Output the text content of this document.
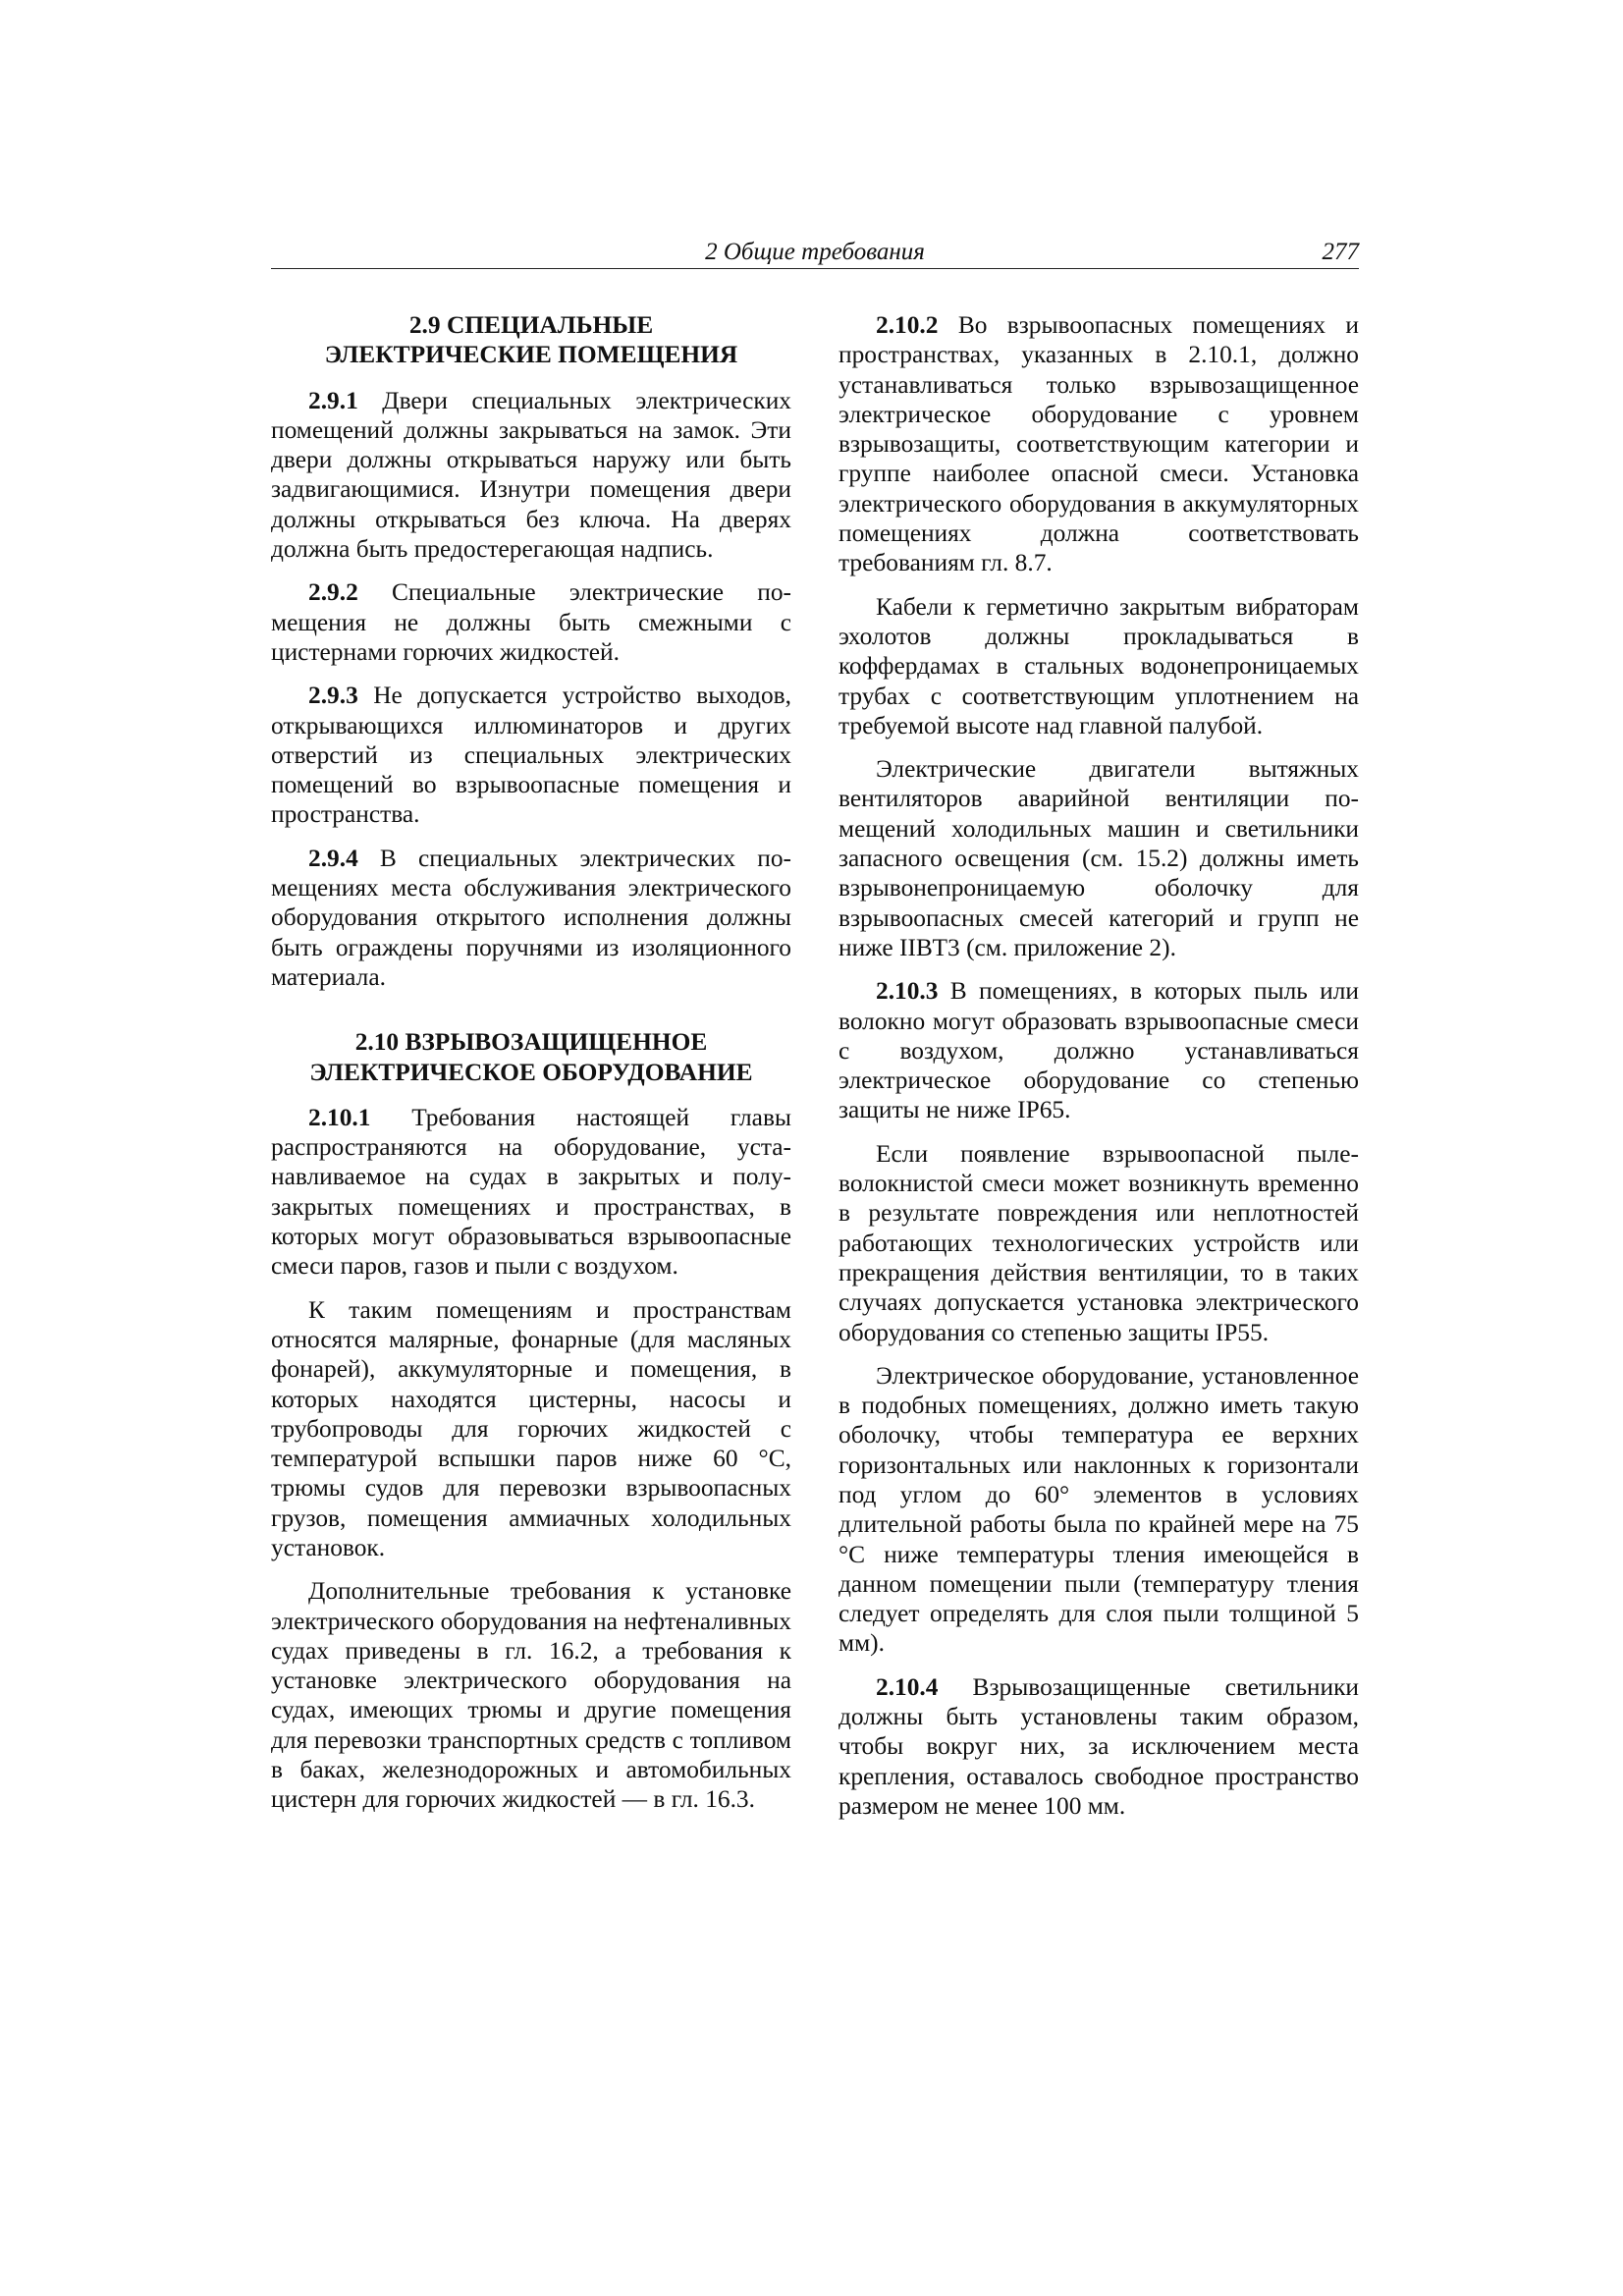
2 Общие требования	277
2.9 СПЕЦИАЛЬНЫЕ
ЭЛЕКТРИЧЕСКИЕ ПОМЕЩЕНИЯ

2.9.1 Двери специальных электрических помещений должны закрываться на замок. Эти двери должны открываться наружу или быть задвигающимися. Изнутри помещения двери должны открываться без ключа. На дверях должна быть предостерегающая надпись.

2.9.2 Специальные электрические помещения не должны быть смежными с цистернами горючих жидкостей.

2.9.3 Не допускается устройство выходов, открывающихся иллюминаторов и других отверстий из специальных электрических помещений во взрывоопасные помещения и пространства.

2.9.4 В специальных электрических помещениях места обслуживания электрического оборудования открытого исполнения должны быть ограждены поручнями из изоляционного материала.

2.10 ВЗРЫВОЗАЩИЩЕННОЕ
ЭЛЕКТРИЧЕСКОЕ ОБОРУДОВАНИЕ

2.10.1 Требования настоящей главы распространяются на оборудование, устанавливаемое на судах в закрытых и полузакрытых помещениях и пространствах, в которых могут образовываться взрывоопасные смеси паров, газов и пыли с воздухом.

К таким помещениям и пространствам относятся малярные, фонарные (для масляных фонарей), аккумуляторные и помещения, в которых находятся цистерны, насосы и трубопроводы для горючих жидкостей с температурой вспышки паров ниже 60 °С, трюмы судов для перевозки взрывоопасных грузов, помещения аммиачных холодильных установок.

Дополнительные требования к установке электрического оборудования на нефтеналивных судах приведены в гл. 16.2, а требования к установке электрического оборудования на судах, имеющих трюмы и другие помещения для перевозки транспортных средств с топливом в баках, железнодорожных и автомобильных цистерн для горючих жидкостей — в гл. 16.3.

2.10.2 Во взрывоопасных помещениях и пространствах, указанных в 2.10.1, должно устанавливаться только взрывозащищенное электрическое оборудование с уровнем взрывозащиты, соответствующим категории и группе наиболее опасной смеси. Установка электрического оборудования в аккумуляторных помещениях должна соответствовать требованиям гл. 8.7.

Кабели к герметично закрытым вибраторам эхолотов должны прокладываться в коффердамах в стальных водонепроницаемых трубах с соответствующим уплотнением на требуемой высоте над главной палубой.

Электрические двигатели вытяжных вентиляторов аварийной вентиляции помещений холодильных машин и светильники запасного освещения (см. 15.2) должны иметь взрывонепроницаемую оболочку для взрывоопасных смесей категорий и групп не ниже IIВТ3 (см. приложение 2).

2.10.3 В помещениях, в которых пыль или волокно могут образовать взрывоопасные смеси с воздухом, должно устанавливаться электрическое оборудование со степенью защиты не ниже IP65.

Если появление взрывоопасной пылеволокнистой смеси может возникнуть временно в результате повреждения или неплотностей работающих технологических устройств или прекращения действия вентиляции, то в таких случаях допускается установка электрического оборудования со степенью защиты IP55.

Электрическое оборудование, установленное в подобных помещениях, должно иметь такую оболочку, чтобы температура ее верхних горизонтальных или наклонных к горизонтали под углом до 60° элементов в условиях длительной работы была по крайней мере на 75 °С ниже температуры тления имеющейся в данном помещении пыли (температуру тления следует определять для слоя пыли толщиной 5 мм).

2.10.4 Взрывозащищенные светильники должны быть установлены таким образом, чтобы вокруг них, за исключением места крепления, оставалось свободное пространство размером не менее 100 мм.
